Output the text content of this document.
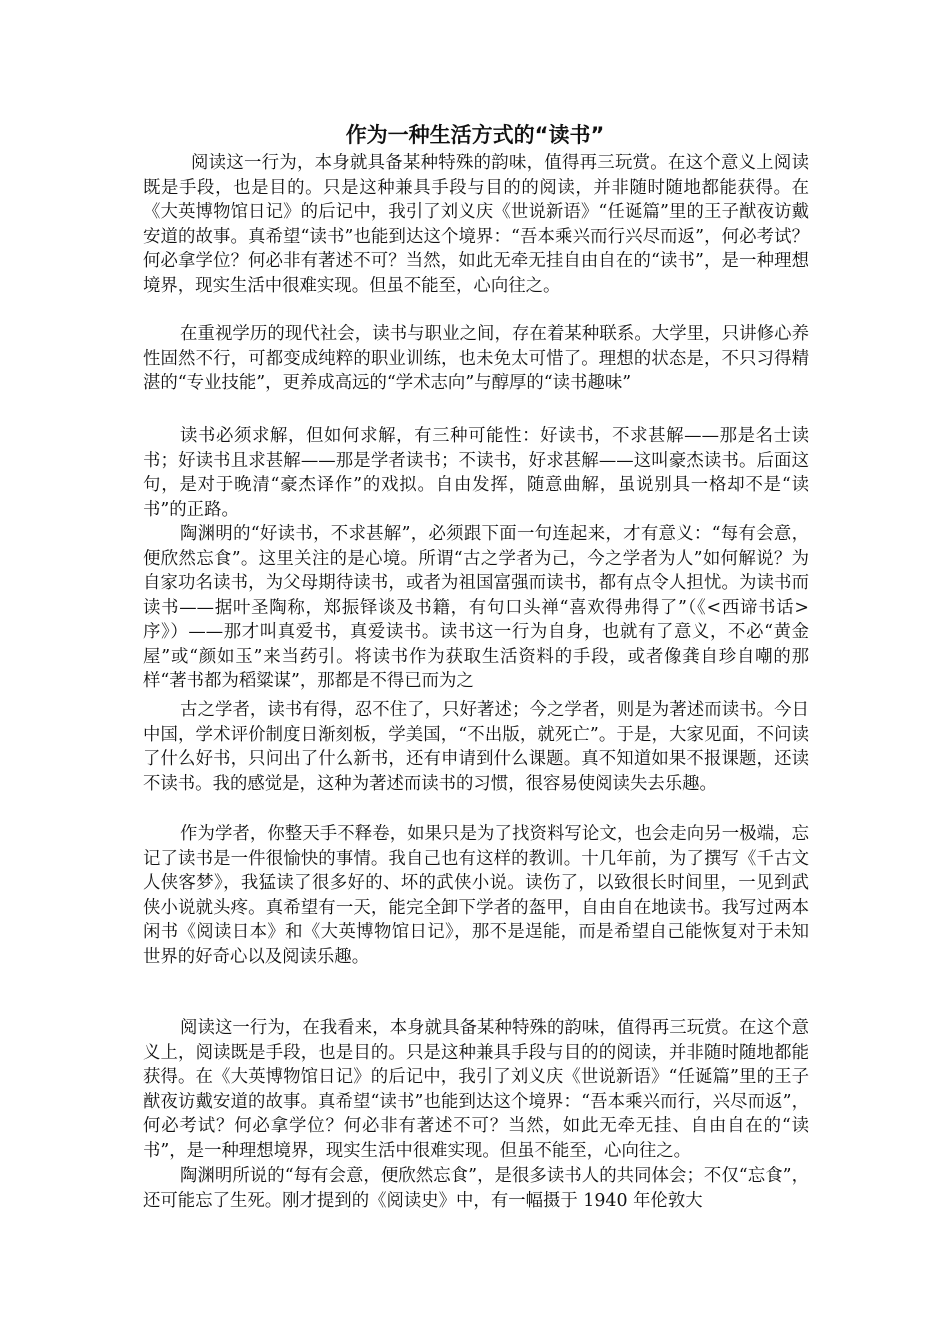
作为一种生活方式的“读书”

阅读这一行为，本身就具备某种特殊的韵味，值得再三玩赏。在这个意义上阅读既是手段，也是目的。只是这种兼具手段与目的的阅读，并非随时随地都能获得。在《大英博物馆日记》的后记中，我引了刘义庆《世说新语》“任诞篇”里的王子猷夜访戴安道的故事。真希望“读书”也能到达这个境界：“吾本乘兴而行兴尽而返”，何必考试？何必拿学位？何必非有著述不可？当然，如此无牵无挂自由自在的“读书”，是一种理想境界，现实生活中很难实现。但虽不能至，心向往之。

在重视学历的现代社会，读书与职业之间，存在着某种联系。大学里，只讲修心养性固然不行，可都变成纯粹的职业训练，也未免太可惜了。理想的状态是，不只习得精湛的“专业技能”，更养成高远的“学术志向”与醇厚的“读书趣味”

读书必须求解，但如何求解，有三种可能性：好读书，不求甚解——那是名士读书；好读书且求甚解——那是学者读书；不读书，好求甚解——这叫豪杰读书。后面这句，是对于晚清“豪杰译作”的戏拟。自由发挥，随意曲解，虽说别具一格却不是“读书”的正路。

陶渊明的“好读书，不求甚解”，必须跟下面一句连起来，才有意义：“每有会意，便欣然忘食”。这里关注的是心境。所谓“古之学者为己，今之学者为人”如何解说？为自家功名读书，为父母期待读书，或者为祖国富强而读书，都有点令人担忧。为读书而读书——据叶圣陶称，郑振铎谈及书籍，有句口头禅“喜欢得弗得了”（《<西谛书话>序》）——那才叫真爱书，真爱读书。读书这一行为自身，也就有了意义，不必“黄金屋”或“颜如玉”来当药引。将读书作为获取生活资料的手段，或者像龚自珍自嘲的那样“著书都为稻粱谋”，那都是不得已而为之

古之学者，读书有得，忍不住了，只好著述；今之学者，则是为著述而读书。今日中国，学术评价制度日渐刻板，学美国，“不出版，就死亡”。于是，大家见面，不问读了什么好书，只问出了什么新书，还有申请到什么课题。真不知道如果不报课题，还读不读书。我的感觉是，这种为著述而读书的习惯，很容易使阅读失去乐趣。

作为学者，你整天手不释卷，如果只是为了找资料写论文，也会走向另一极端，忘记了读书是一件很愉快的事情。我自己也有这样的教训。十几年前，为了撰写《千古文人侠客梦》，我猛读了很多好的、坏的武侠小说。读伤了，以致很长时间里，一见到武侠小说就头疼。真希望有一天，能完全卸下学者的盔甲，自由自在地读书。我写过两本闲书《阅读日本》和《大英博物馆日记》，那不是逞能，而是希望自己能恢复对于未知世界的好奇心以及阅读乐趣。

阅读这一行为，在我看来，本身就具备某种特殊的韵味，值得再三玩赏。在这个意义上，阅读既是手段，也是目的。只是这种兼具手段与目的的阅读，并非随时随地都能获得。在《大英博物馆日记》的后记中，我引了刘义庆《世说新语》“任诞篇”里的王子猷夜访戴安道的故事。真希望“读书”也能到达这个境界：“吾本乘兴而行，兴尽而返”，何必考试？何必拿学位？何必非有著述不可？当然，如此无牵无挂、自由自在的“读书”，是一种理想境界，现实生活中很难实现。但虽不能至，心向往之。

陶渊明所说的“每有会意，便欣然忘食”，是很多读书人的共同体会；不仅“忘食”，还可能忘了生死。刚才提到的《阅读史》中，有一幅摄于 1940 年伦敦大
